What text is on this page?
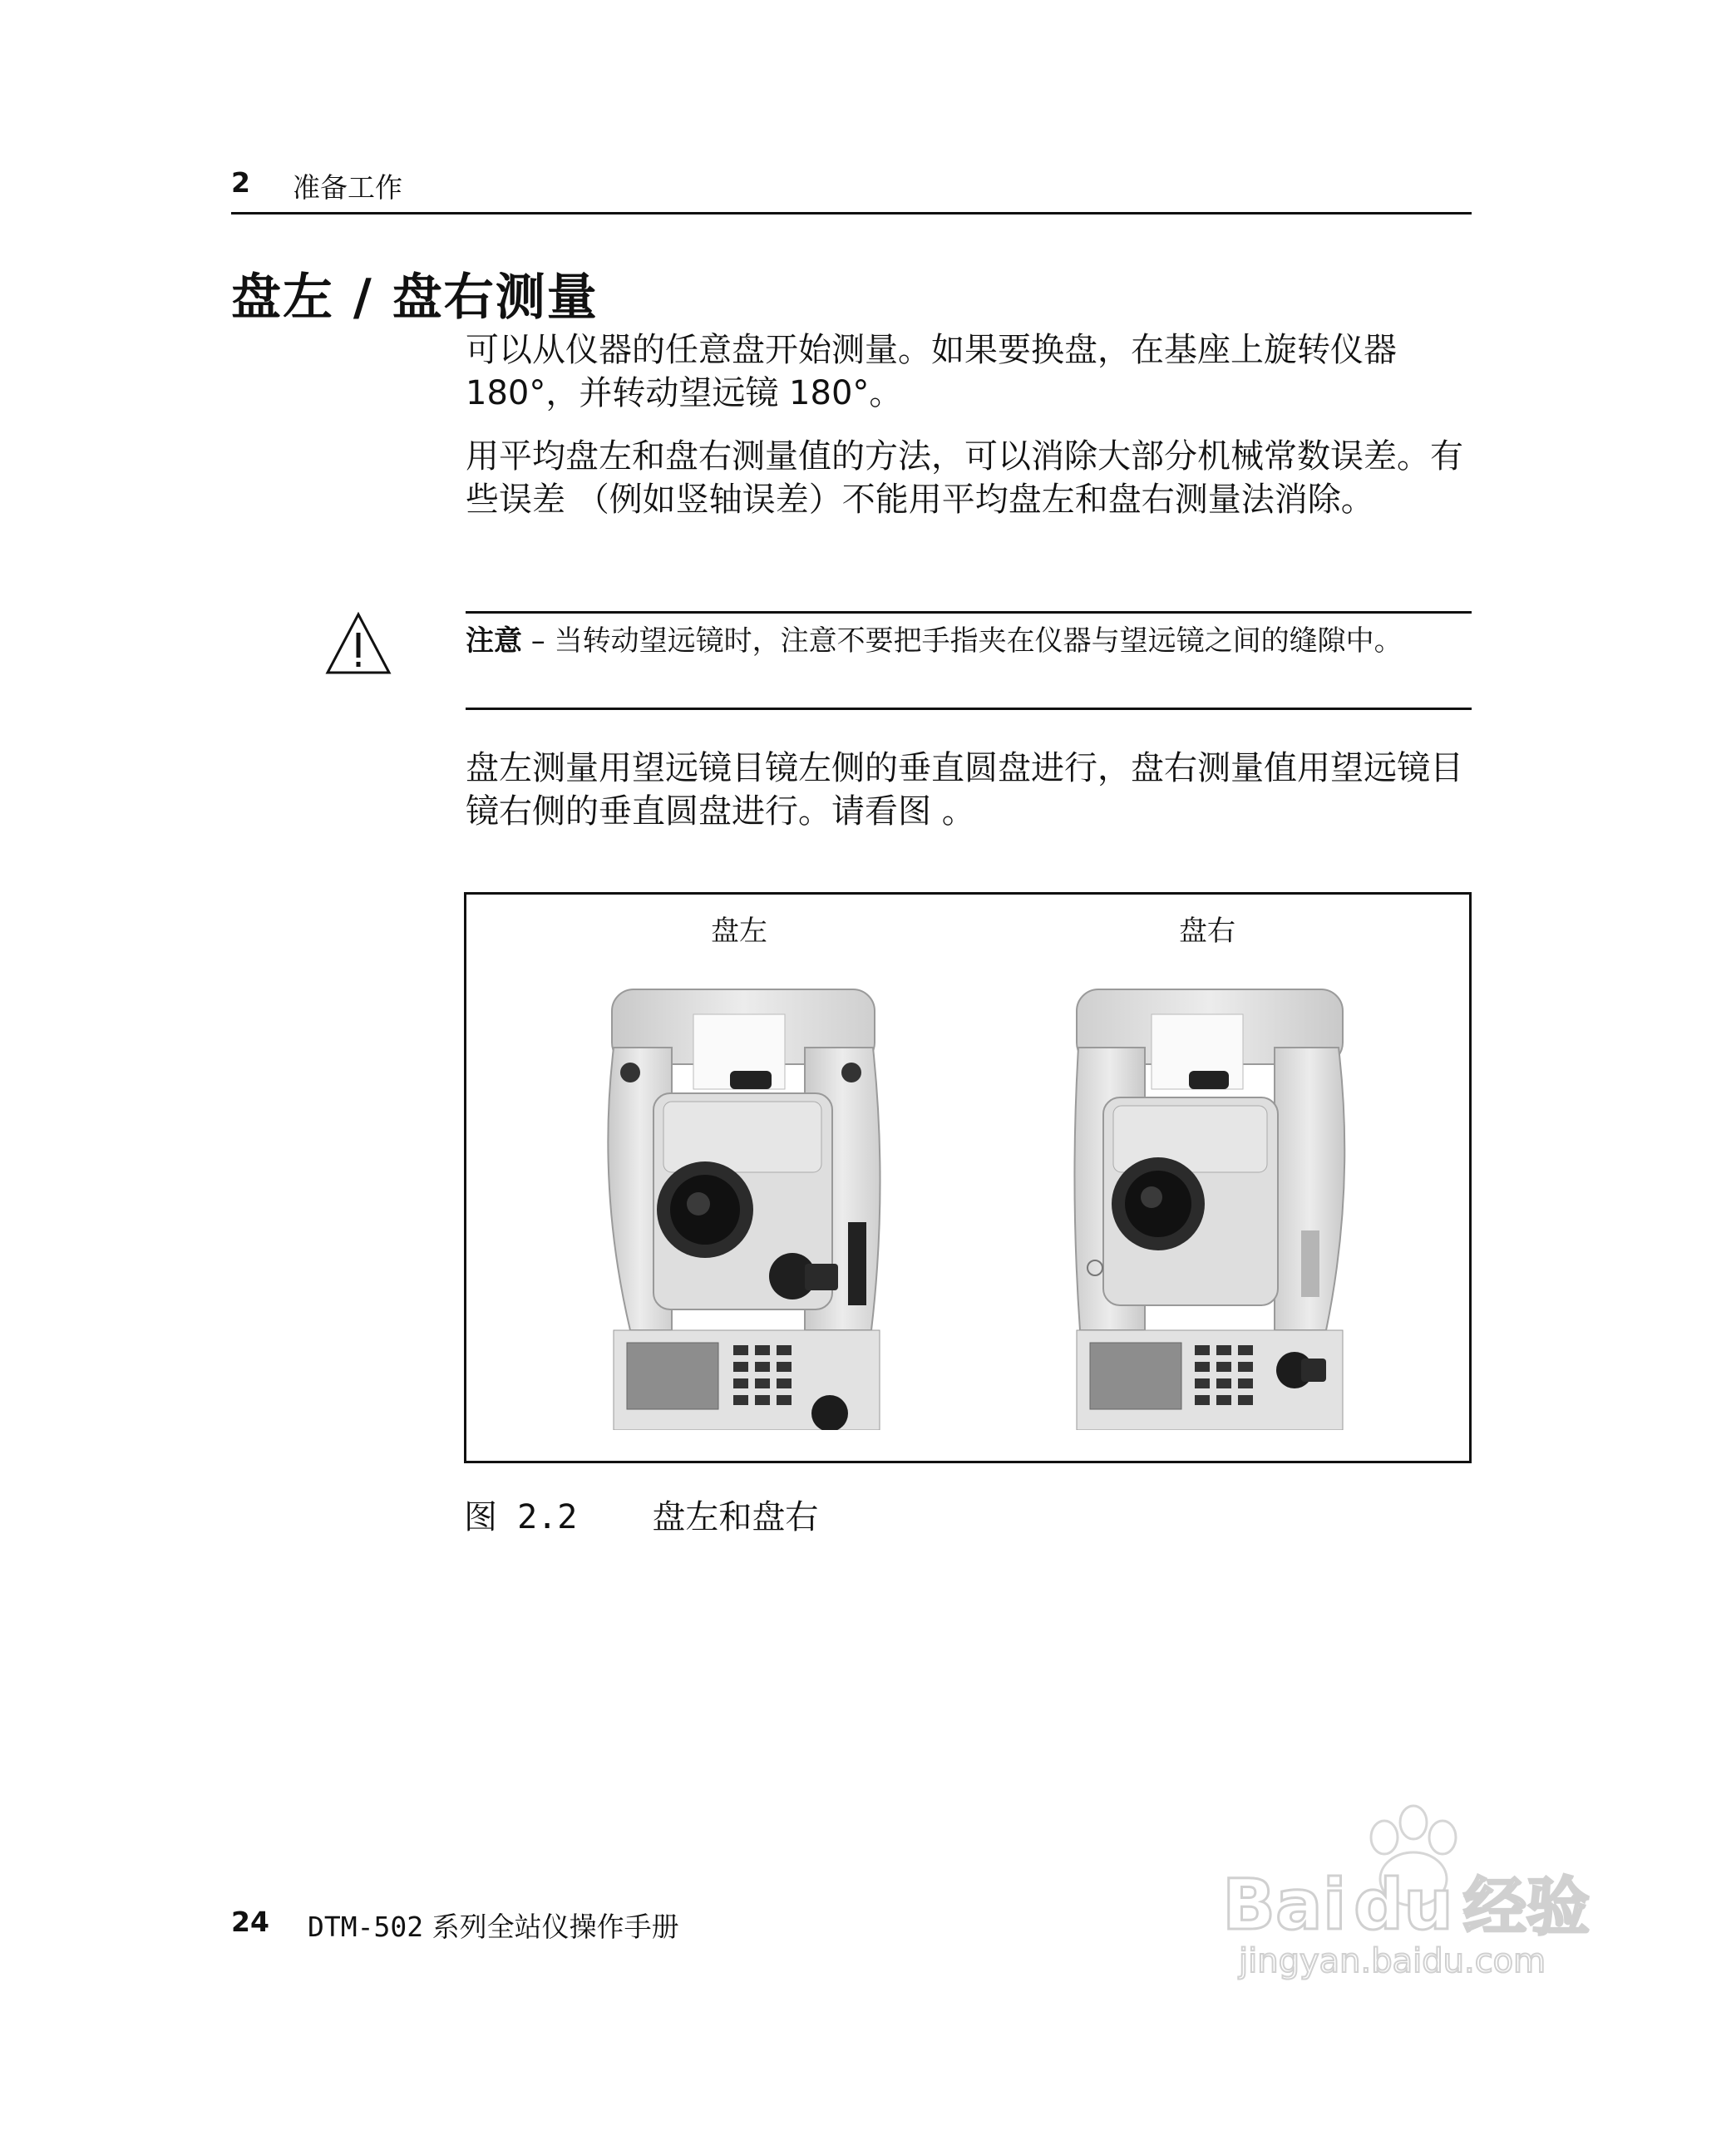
2 准备工作
盘左 / 盘右测量
可以从仪器的任意盘开始测量。如果要换盘，在基座上旋转仪器 180°，并转动望远镜 180°。
用平均盘左和盘右测量值的方法，可以消除大部分机械常数误差。有些误差 （例如竖轴误差）不能用平均盘左和盘右测量法消除。
注意 – 当转动望远镜时，注意不要把手指夹在仪器与望远镜之间的缝隙中。
盘左测量用望远镜目镜左侧的垂直圆盘进行，盘右测量值用望远镜目镜右侧的垂直圆盘进行。请看图 。
盘左	盘右
图 2.2 盘左和盘右
24 DTM-502 系列全站仪操作手册	Bai du 经验
jingyan.baidu.com
